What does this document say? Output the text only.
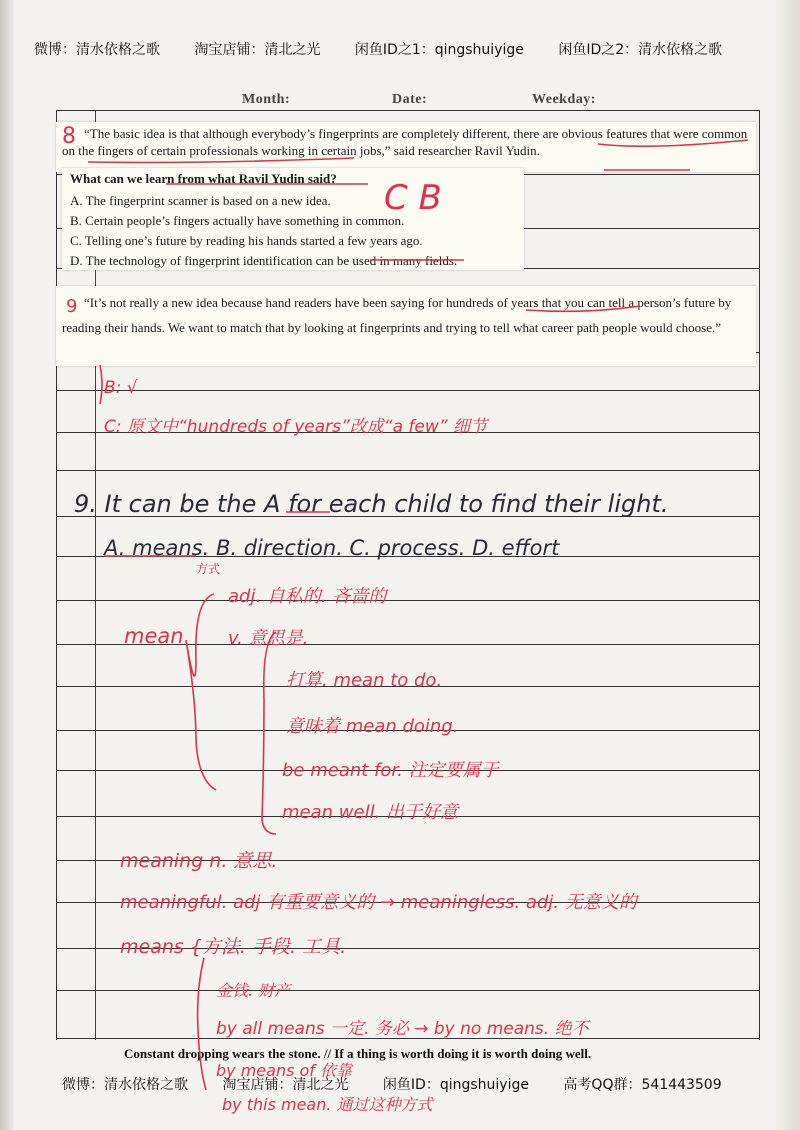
微博：清水依格之歌 淘宝店铺：清北之光 闲鱼ID之1：qingshuiyige 闲鱼ID之2：清水依格之歌
Month:	Date:	Weekday:

“The basic idea is that although everybody’s fingerprints are completely different, there are obvious features that were common on the fingers of certain professionals working in certain jobs,” said researcher Ravil Yudin.

What can we learn from what Ravil Yudin said?
A. The fingerprint scanner is based on a new idea.
B. Certain people’s fingers actually have something in common.
C. Telling one’s future by reading his hands started a few years ago.
D. The technology of fingerprint identification can be used in many fields.

“It’s not really a new idea because hand readers have been saying for hundreds of years that you can tell a person’s future by reading their hands. We want to match that by looking at fingerprints and trying to tell what career path people would choose.”

8
9
C B
B: √
C: 原文中“hundreds of years”改成“a few” 细节
9. It can be the A for each child to find their light.
A. means. B. direction. C. process. D. effort
方式
mean
adj. 自私的. 吝啬的
v. 意思是.
打算. mean to do.
意味着 mean doing.
be meant for. 注定要属于
mean well. 出于好意
meaning n. 意思.
meaningful. adj 有重要意义的 → meaningless. adj. 无意义的
means {方法. 手段. 工具.
金钱. 财产
by all means 一定. 务必 → by no means. 绝不
by means of 依靠
by this mean. 通过这种方式
Constant dropping wears the stone. // If a thing is worth doing it is worth doing well.
微博：清水依格之歌 淘宝店铺：清北之光 闲鱼ID：qingshuiyige 高考QQ群：541443509
